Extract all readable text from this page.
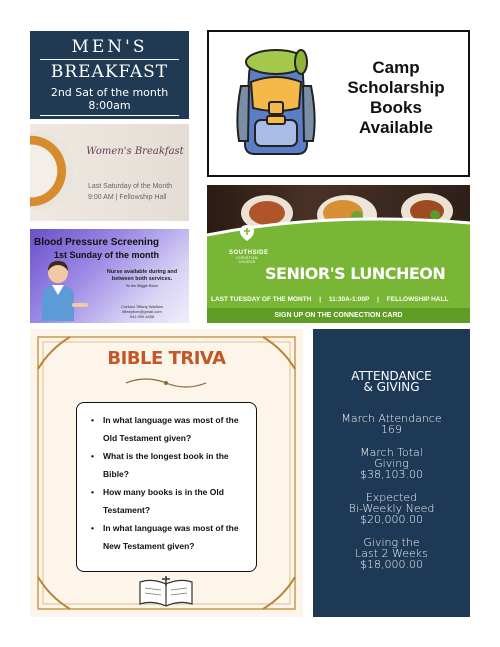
MEN'S
BREAKFAST
2nd Sat of the month
8:00am
Camp
Scholarship
Books
Available
Women's Breakfast
Last Saturday of the Month
9:00 AM | Fellowship Hall
Blood Pressure Screening
1st Sunday of the month
Nurse available during and between both services.
*In the Wiggle Room
Contact Tiffany Wadlow
tiffanyfcm@gmail.com
541.990.4456
SOUTHSIDE
CHRISTIAN CHURCH
SENIOR'S LUNCHEON
LAST TUESDAY OF THE MONTH | 11:30A-1:00P | FELLOWSHIP HALL
SIGN UP ON THE CONNECTION CARD
BIBLE TRIVA
• In what language was most of the Old Testament given?
• What is the longest book in the Bible?
• How many books is in the Old Testament?
• In what language was most of the New Testament given?
ATTENDANCE
& GIVING
March Attendance
169
March Total
Giving
$38,103.00
Expected
Bi-Weekly Need
$20,000.00
Giving the
Last 2 Weeks
$18,000.00
